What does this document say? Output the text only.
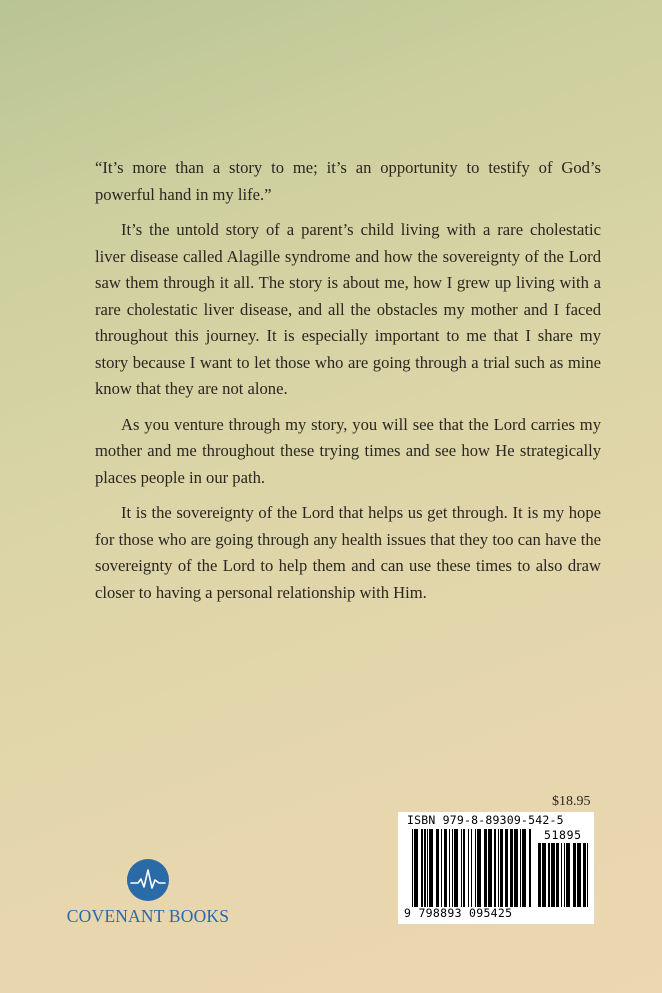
“It’s more than a story to me; it’s an opportunity to testify of God’s powerful hand in my life.”

It’s the untold story of a parent’s child living with a rare cholestatic liver disease called Alagille syndrome and how the sovereignty of the Lord saw them through it all. The story is about me, how I grew up living with a rare cholestatic liver disease, and all the obstacles my mother and I faced throughout this journey. It is especially important to me that I share my story because I want to let those who are going through a trial such as mine know that they are not alone.

As you venture through my story, you will see that the Lord carries my mother and me throughout these trying times and see how He strategically places people in our path.

It is the sovereignty of the Lord that helps us get through. It is my hope for those who are going through any health issues that they too can have the sovereignty of the Lord to help them and can use these times to also draw closer to having a personal relationship with Him.

$18.95
ISBN 979-8-89309-542-5
51895
9 798893 095425
COVENANT BOOKS
